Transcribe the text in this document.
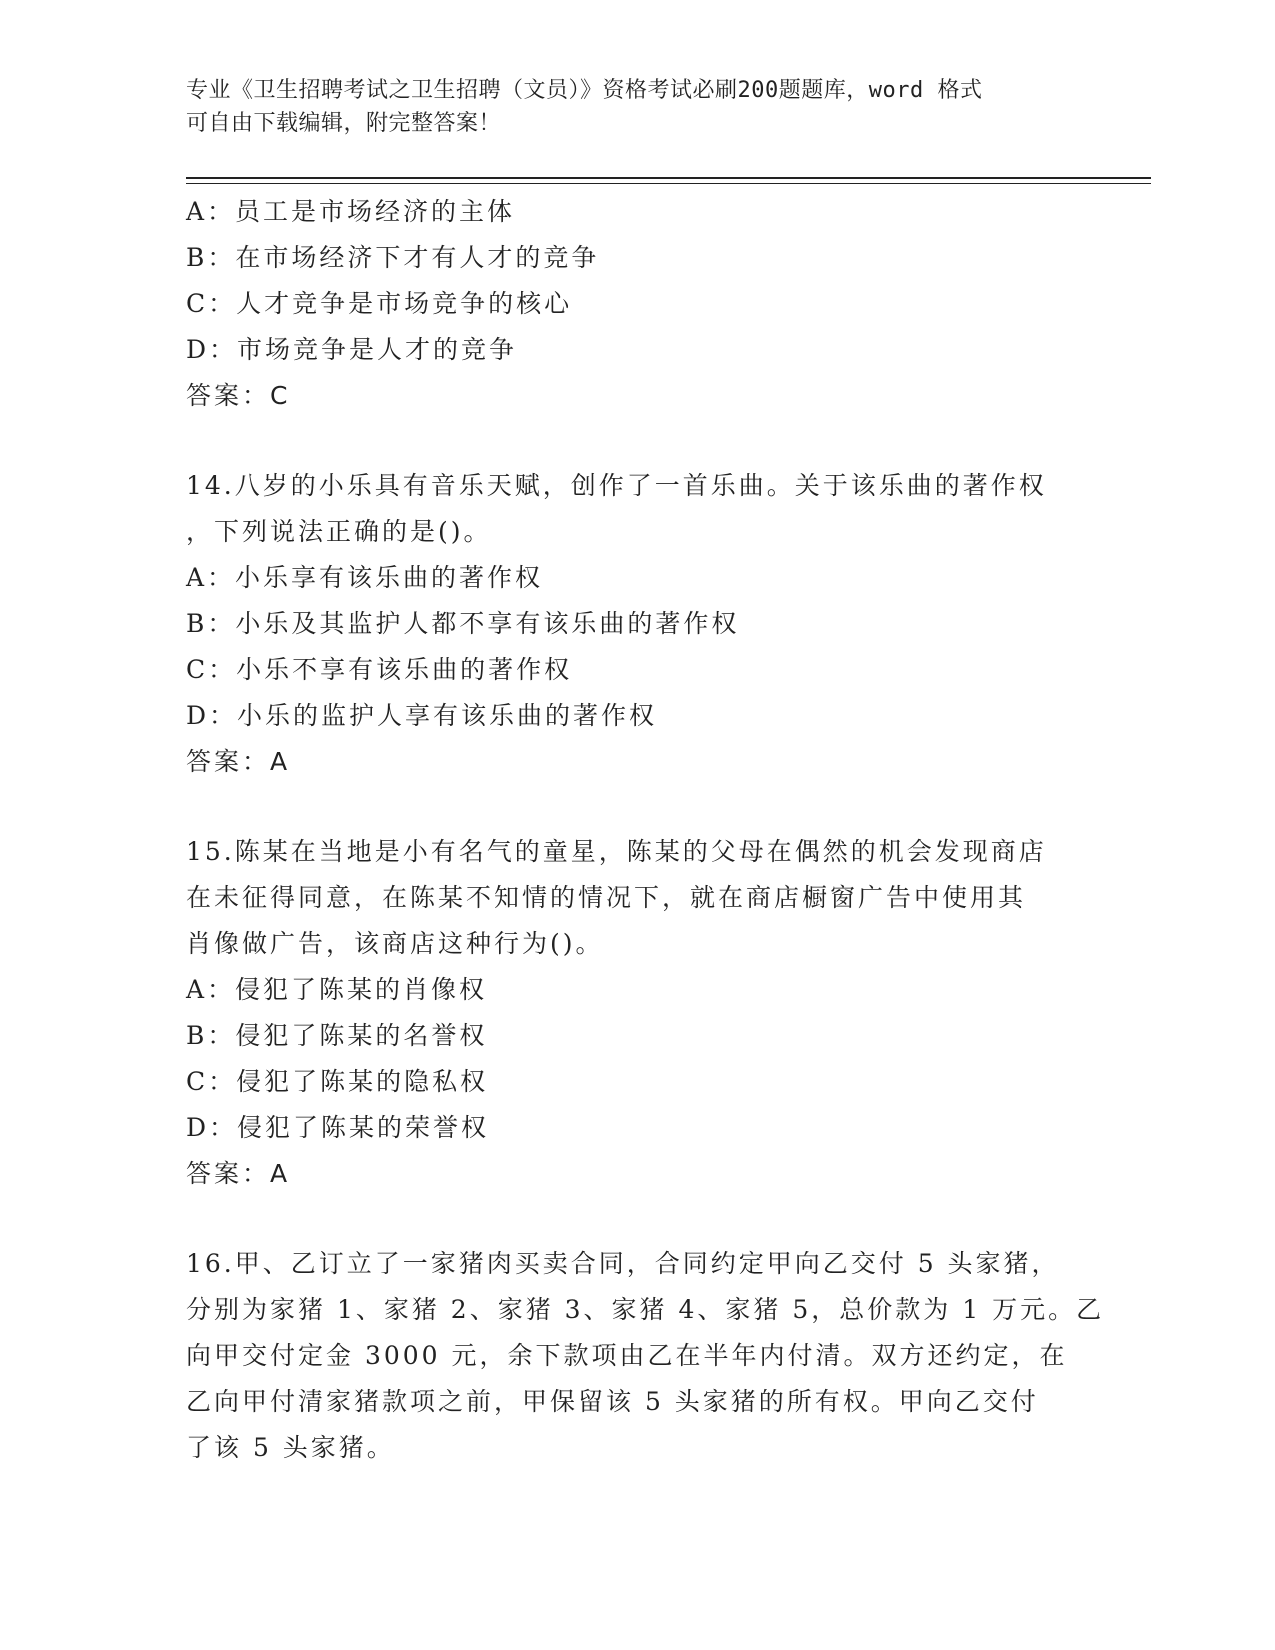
专业《卫生招聘考试之卫生招聘（文员）》资格考试必刷200题题库，word 格式
可自由下载编辑，附完整答案！
A：员工是市场经济的主体
B：在市场经济下才有人才的竞争
C：人才竞争是市场竞争的核心
D：市场竞争是人才的竞争
答案：C
14.八岁的小乐具有音乐天赋，创作了一首乐曲。关于该乐曲的著作权
，下列说法正确的是()。
A：小乐享有该乐曲的著作权
B：小乐及其监护人都不享有该乐曲的著作权
C：小乐不享有该乐曲的著作权
D：小乐的监护人享有该乐曲的著作权
答案：A
15.陈某在当地是小有名气的童星，陈某的父母在偶然的机会发现商店
在未征得同意，在陈某不知情的情况下，就在商店橱窗广告中使用其
肖像做广告，该商店这种行为()。
A：侵犯了陈某的肖像权
B：侵犯了陈某的名誉权
C：侵犯了陈某的隐私权
D：侵犯了陈某的荣誉权
答案：A
16.甲、乙订立了一家猪肉买卖合同，合同约定甲向乙交付 5 头家猪，
分别为家猪 1、家猪 2、家猪 3、家猪 4、家猪 5，总价款为 1 万元。乙
向甲交付定金 3000 元，余下款项由乙在半年内付清。双方还约定，在
乙向甲付清家猪款项之前，甲保留该 5 头家猪的所有权。甲向乙交付
了该 5 头家猪。
